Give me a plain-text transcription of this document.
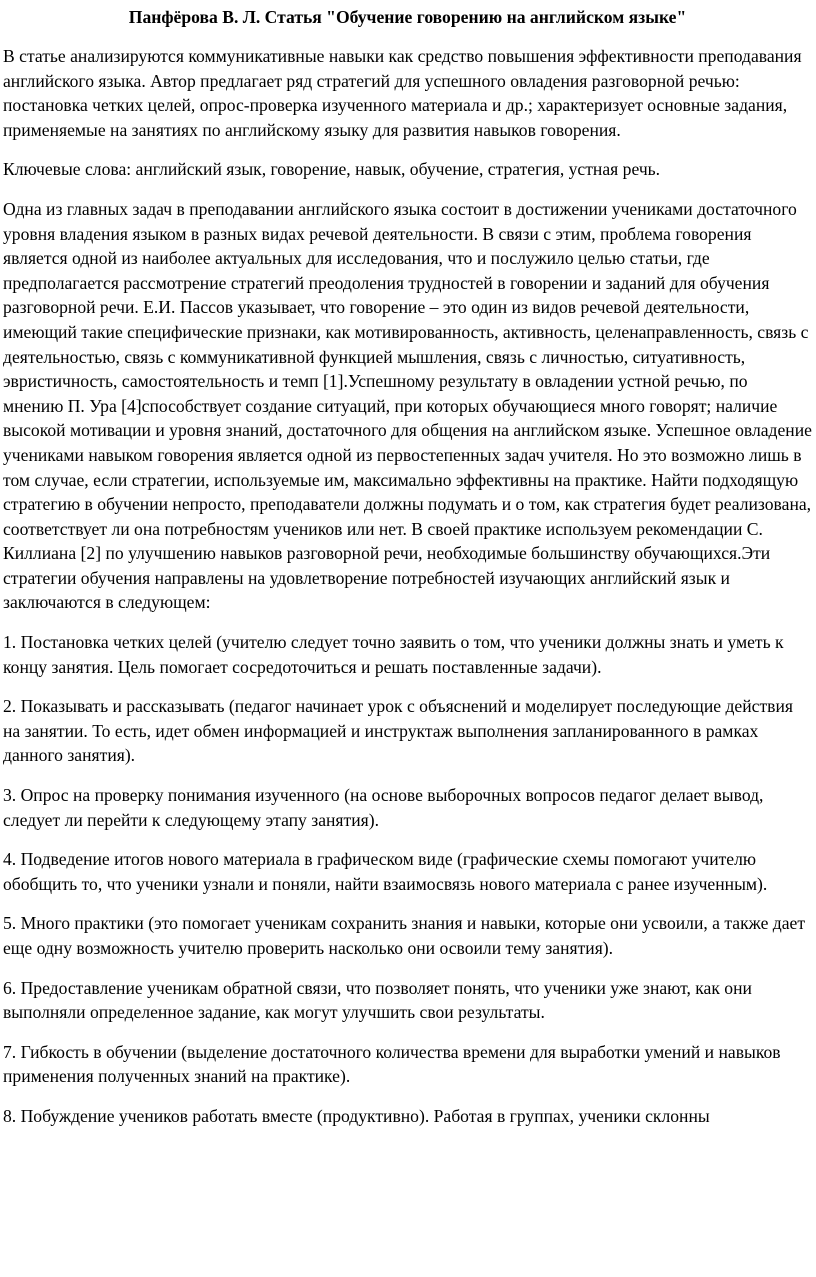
Панфёрова В. Л. Статья "Обучение говорению на английском языке"

В статье анализируются коммуникативные навыки как средство повышения эффективности преподавания английского языка. Автор предлагает ряд стратегий для успешного овладения разговорной речью: постановка четких целей, опрос-проверка изученного материала и др.; характеризует основные задания, применяемые на занятиях по английскому языку для развития навыков говорения.

Ключевые слова: английский язык, говорение, навык, обучение, стратегия, устная речь.

Одна из главных задач в преподавании английского языка состоит в достижении учениками достаточного уровня владения языком в разных видах речевой деятельности. В связи с этим, проблема говорения является одной из наиболее актуальных для исследования, что и послужило целью статьи, где предполагается рассмотрение стратегий преодоления трудностей в говорении и заданий для обучения разговорной речи. Е.И. Пассов указывает, что говорение – это один из видов речевой деятельности, имеющий такие специфические признаки, как мотивированность, активность, целенаправленность, связь с деятельностью, связь с коммуникативной функцией мышления, связь с личностью, ситуативность, эвристичность, самостоятельность и темп [1].Успешному результату в овладении устной речью, по мнению П. Ура [4]способствует создание ситуаций, при которых обучающиеся много говорят; наличие высокой мотивации и уровня знаний, достаточного для общения на английском языке. Успешное овладение учениками навыком говорения является одной из первостепенных задач учителя. Но это возможно лишь в том случае, если стратегии, используемые им, максимально эффективны на практике. Найти подходящую стратегию в обучении непросто, преподаватели должны подумать и о том, как стратегия будет реализована, соответствует ли она потребностям учеников или нет. В своей практике используем рекомендации С. Киллиана [2] по улучшению навыков разговорной речи, необходимые большинству обучающихся.Эти стратегии обучения направлены на удовлетворение потребностей изучающих английский язык и заключаются в следующем:

1. Постановка четких целей (учителю следует точно заявить о том, что ученики должны знать и уметь к концу занятия. Цель помогает сосредоточиться и решать поставленные задачи).

2. Показывать и рассказывать (педагог начинает урок с объяснений и моделирует последующие действия на занятии. То есть, идет обмен информацией и инструктаж выполнения запланированного в рамках данного занятия).

3. Опрос на проверку понимания изученного (на основе выборочных вопросов педагог делает вывод, следует ли перейти к следующему этапу занятия).

4. Подведение итогов нового материала в графическом виде (графические схемы помогают учителю обобщить то, что ученики узнали и поняли, найти взаимосвязь нового материала с ранее изученным).

5. Много практики (это помогает ученикам сохранить знания и навыки, которые они усвоили, а также дает еще одну возможность учителю проверить насколько они освоили тему занятия).

6. Предоставление ученикам обратной связи, что позволяет понять, что ученики уже знают, как они выполняли определенное задание, как могут улучшить свои результаты.

7. Гибкость в обучении (выделение достаточного количества времени для выработки умений и навыков применения полученных знаний на практике).

8. Побуждение учеников работать вместе (продуктивно). Работая в группах, ученики склонны
